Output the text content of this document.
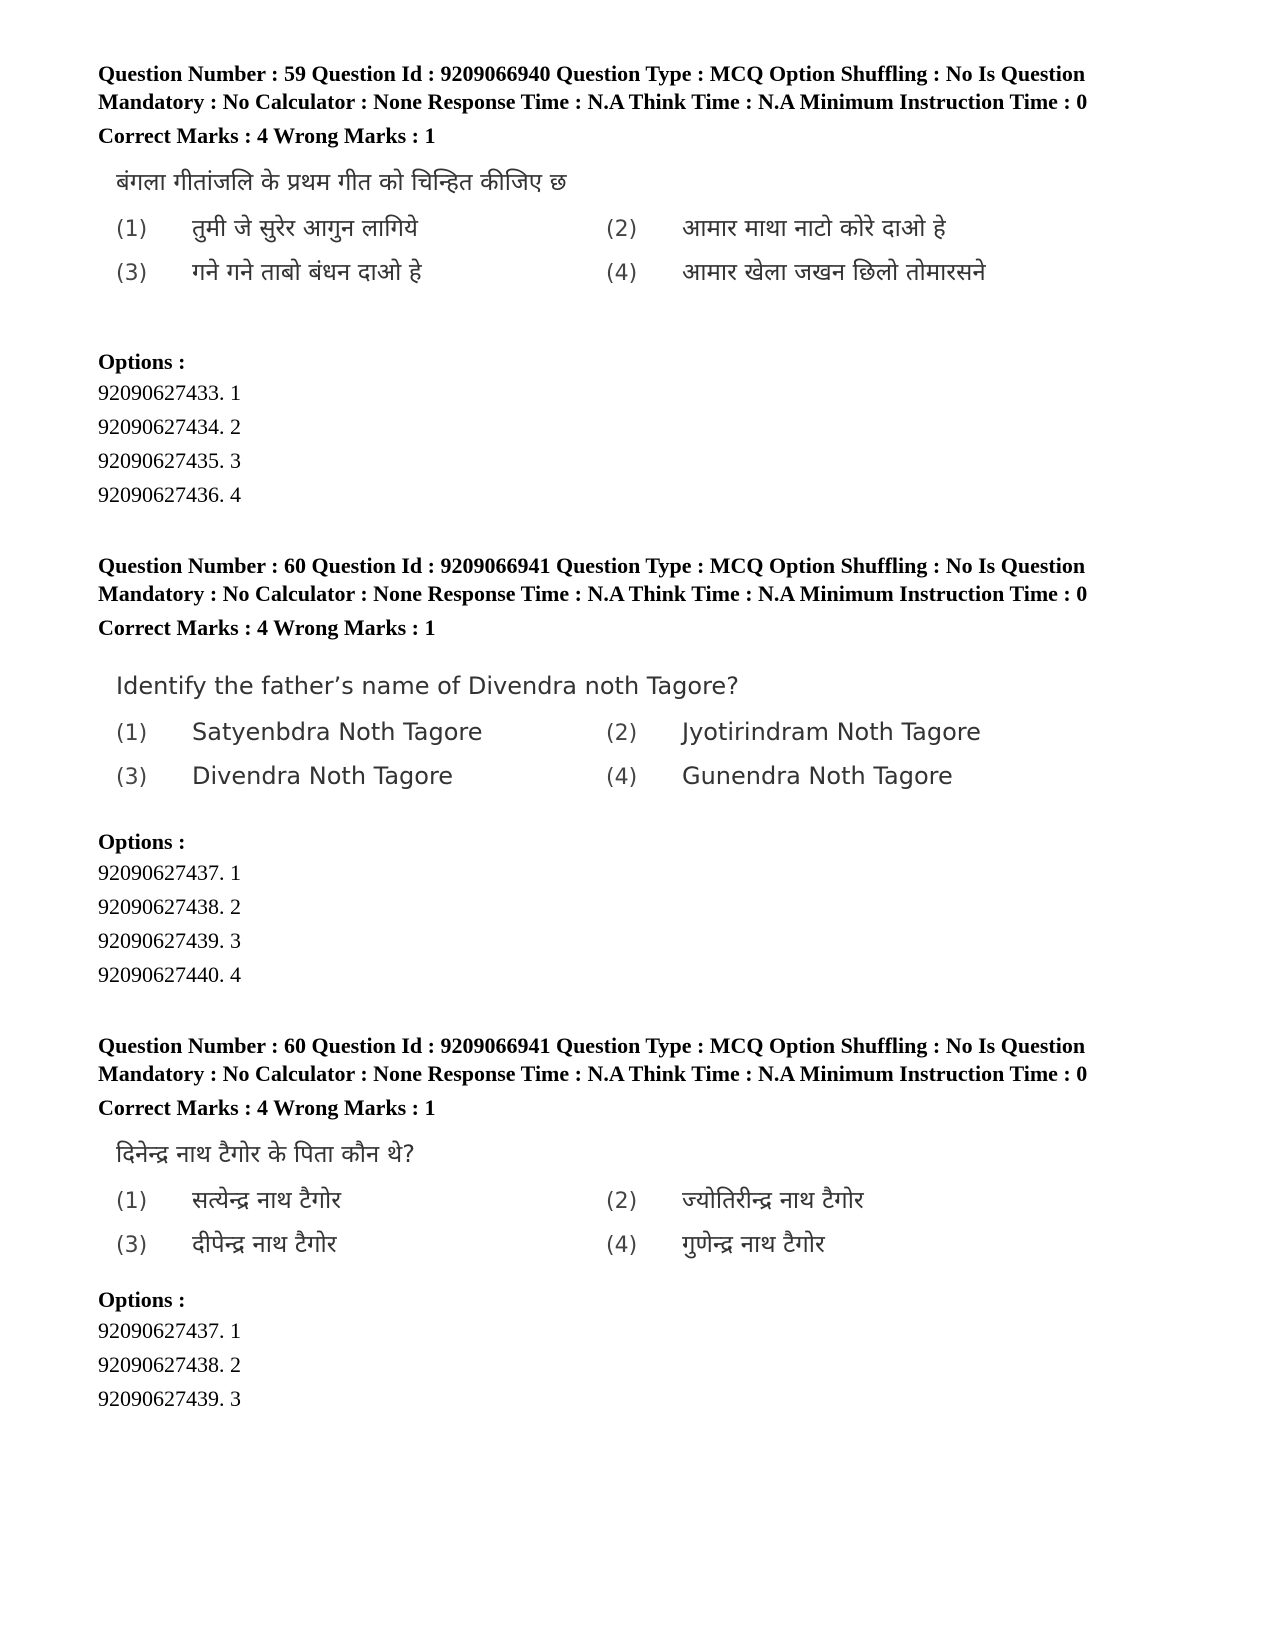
Question Number : 59 Question Id : 9209066940 Question Type : MCQ Option Shuffling : No Is Question Mandatory : No Calculator : None Response Time : N.A Think Time : N.A Minimum Instruction Time : 0
Correct Marks : 4 Wrong Marks : 1
बंगला गीतांजलि के प्रथम गीत को चिन्हित कीजिए छ
(1)	तुमी जे सुरेर आगुन लागिये	(2)	आमार माथा नाटो कोरे दाओ हे
(3)	गने गने ताबो बंधन दाओ हे	(4)	आमार खेला जखन छिलो तोमारसने
Options :
92090627433. 1
92090627434. 2
92090627435. 3
92090627436. 4
Question Number : 60 Question Id : 9209066941 Question Type : MCQ Option Shuffling : No Is Question Mandatory : No Calculator : None Response Time : N.A Think Time : N.A Minimum Instruction Time : 0
Correct Marks : 4 Wrong Marks : 1
Identify the father’s name of Divendra noth Tagore?
(1)	Satyenbdra Noth Tagore	(2)	Jyotirindram Noth Tagore
(3)	Divendra Noth Tagore	(4)	Gunendra Noth Tagore
Options :
92090627437. 1
92090627438. 2
92090627439. 3
92090627440. 4
Question Number : 60 Question Id : 9209066941 Question Type : MCQ Option Shuffling : No Is Question Mandatory : No Calculator : None Response Time : N.A Think Time : N.A Minimum Instruction Time : 0
Correct Marks : 4 Wrong Marks : 1
दिनेन्द्र नाथ टैगोर के पिता कौन थे?
(1)	सत्येन्द्र नाथ टैगोर	(2)	ज्योतिरीन्द्र नाथ टैगोर
(3)	दीपेन्द्र नाथ टैगोर	(4)	गुणेन्द्र नाथ टैगोर
Options :
92090627437. 1
92090627438. 2
92090627439. 3
